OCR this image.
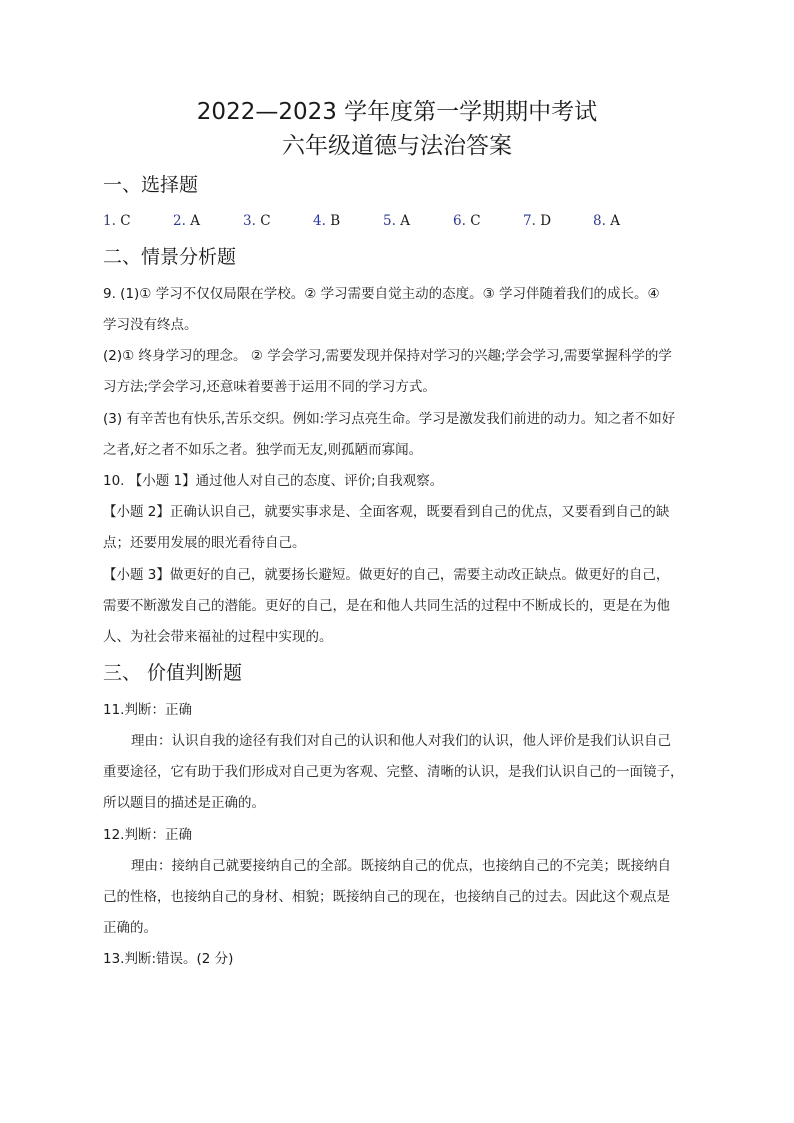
2022—2023 学年度第一学期期中考试
六年级道德与法治答案
一、选择题
1. C	2. A	3. C	4. B	5. A	6. C	7. D	8. A
二、情景分析题
9. (1)① 学习不仅仅局限在学校。② 学习需要自觉主动的态度。③ 学习伴随着我们的成长。④
学习没有终点。
(2)① 终身学习的理念。 ② 学会学习,需要发现并保持对学习的兴趣;学会学习,需要掌握科学的学
习方法;学会学习,还意味着要善于运用不同的学习方式。
(3) 有辛苦也有快乐,苦乐交织。例如:学习点亮生命。学习是激发我们前进的动力。知之者不如好
之者,好之者不如乐之者。独学而无友,则孤陋而寡闻。
10. 【小题 1】通过他人对自己的态度、评价;自我观察。
【小题 2】正确认识自己，就要实事求是、全面客观，既要看到自己的优点，又要看到自己的缺
点；还要用发展的眼光看待自己。
【小题 3】做更好的自己，就要扬长避短。做更好的自己，需要主动改正缺点。做更好的自己，
需要不断激发自己的潜能。更好的自己，是在和他人共同生活的过程中不断成长的，更是在为他
人、为社会带来福祉的过程中实现的。
三、 价值判断题
11.判断：正确
理由：认识自我的途径有我们对自己的认识和他人对我们的认识，他人评价是我们认识自己
重要途径，它有助于我们形成对自己更为客观、完整、清晰的认识，是我们认识自己的一面镜子，
所以题目的描述是正确的。
12.判断：正确
理由：接纳自己就要接纳自己的全部。既接纳自己的优点，也接纳自己的不完美；既接纳自
己的性格，也接纳自己的身材、相貌；既接纳自己的现在，也接纳自己的过去。因此这个观点是
正确的。
13.判断:错误。(2 分)
